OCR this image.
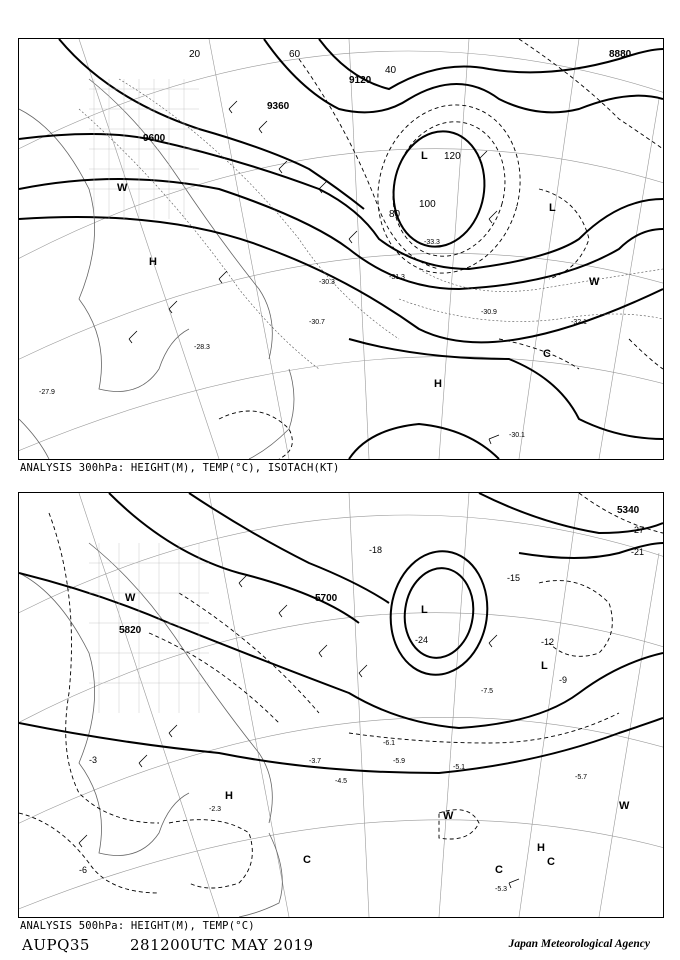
9600
9360
9120
8880
20
40
60
80
100
120
-27.9
-30.7
-30.9
-32.1
-30.1
-33.3
-31.3
-30.3
-28.3
L
L
H
H
W
W
C
ANALYSIS 300hPa: HEIGHT(M), TEMP(°C), ISOTACH(KT)
5820
5700
5340
-27
-24
-21
-18
-15
-12
-9
-6
-3	-5.9
-5.1
-5.7
-5.3
-2.3
-4.5
-3.7
-6.1
-7.5
L
L
H
H
W
W
W
C
C
C
ANALYSIS 500hPa: HEIGHT(M), TEMP(°C)
AUPQ35	281200UTC MAY 2019	Japan Meteorological Agency
